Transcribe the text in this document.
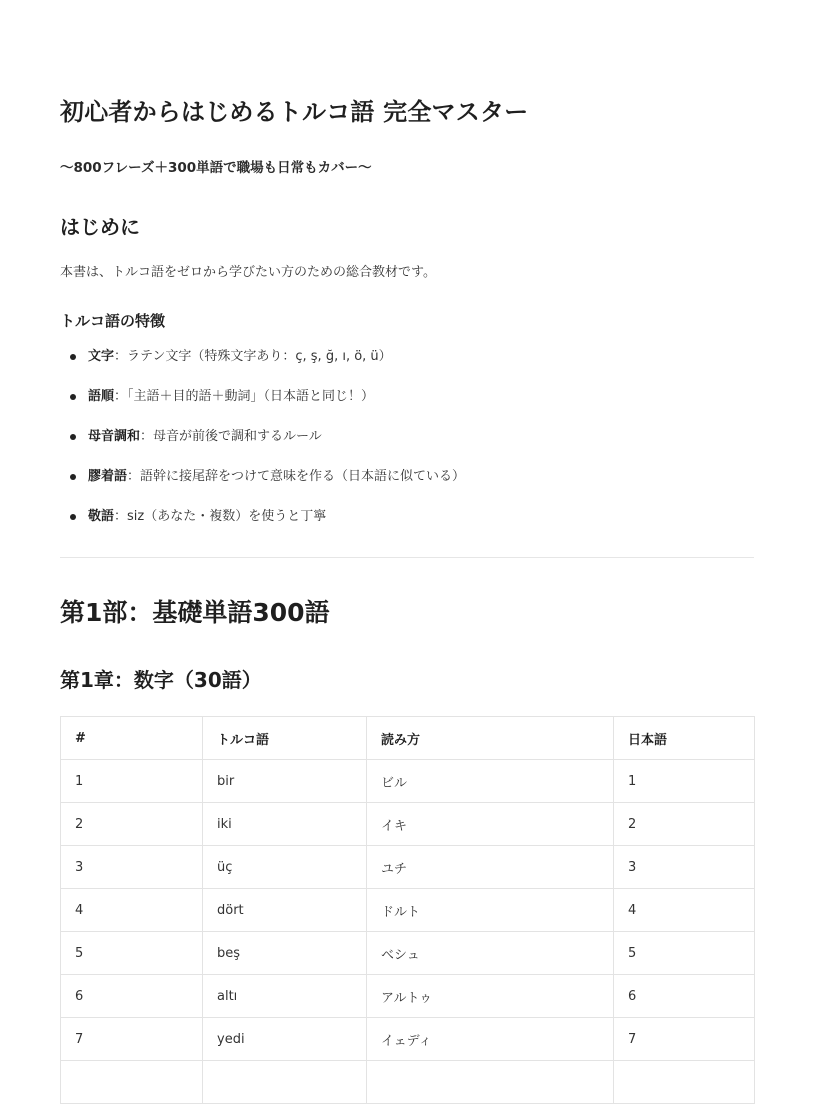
初心者からはじめるトルコ語 完全マスター

〜800フレーズ＋300単語で職場も日常もカバー〜

はじめに

本書は、トルコ語をゼロから学びたい方のための総合教材です。

トルコ語の特徴
文字：ラテン文字（特殊文字あり：ç, ş, ğ, ı, ö, ü）
語順：「主語＋目的語＋動詞」（日本語と同じ！）
母音調和：母音が前後で調和するルール
膠着語：語幹に接尾辞をつけて意味を作る（日本語に似ている）
敬語：siz（あなた・複数）を使うと丁寧
第1部：基礎単語300語
第1章：数字（30語）
#	トルコ語	読み方	日本語
1	bir	ビル	1
2	iki	イキ	2
3	üç	ユチ	3
4	dört	ドルト	4
5	beş	ベシュ	5
6	altı	アルトゥ	6
7	yedi	イェディ	7
